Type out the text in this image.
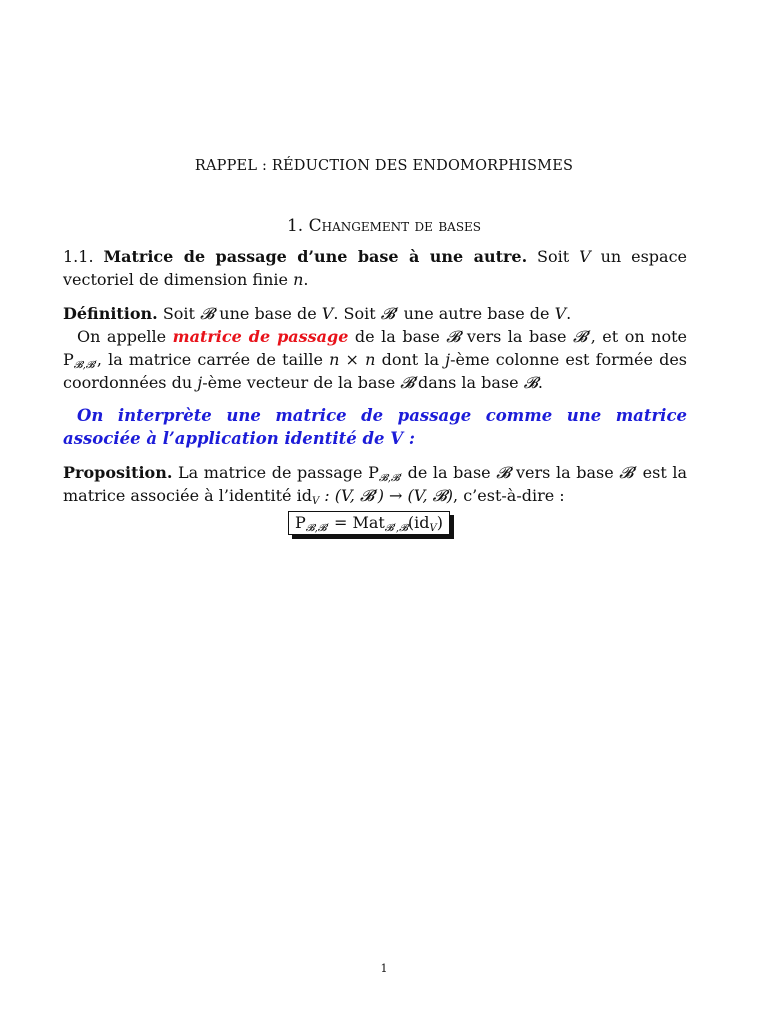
RAPPEL : RÉDUCTION DES ENDOMORPHISMES
1. Changement de bases
1.1. Matrice de passage d’une base à une autre. Soit V un espace vectoriel de dimension finie n.
Définition. Soit 𝓑 une base de V. Soit 𝓑′ une autre base de V.
On appelle matrice de passage de la base 𝓑 vers la base 𝓑′, et on note $P_{𝓑,𝓑'}$, la matrice carrée de taille n × n dont la j-ème colonne est formée des coordonnées du j-ème vecteur de la base 𝓑′dans la base 𝓑.
On interprète une matrice de passage comme une matrice associée à l’application identité de V :
Proposition. La matrice de passage $P_{𝓑,𝓑'}$ de la base 𝓑 vers la base 𝓑′ est la matrice associée à l’identité $id_V$ : (V, 𝓑′) → (V, 𝓑), c’est-à-dire :
$P_{𝓑,𝓑'} = Mat_{𝓑',𝓑}(id_V)$
1
